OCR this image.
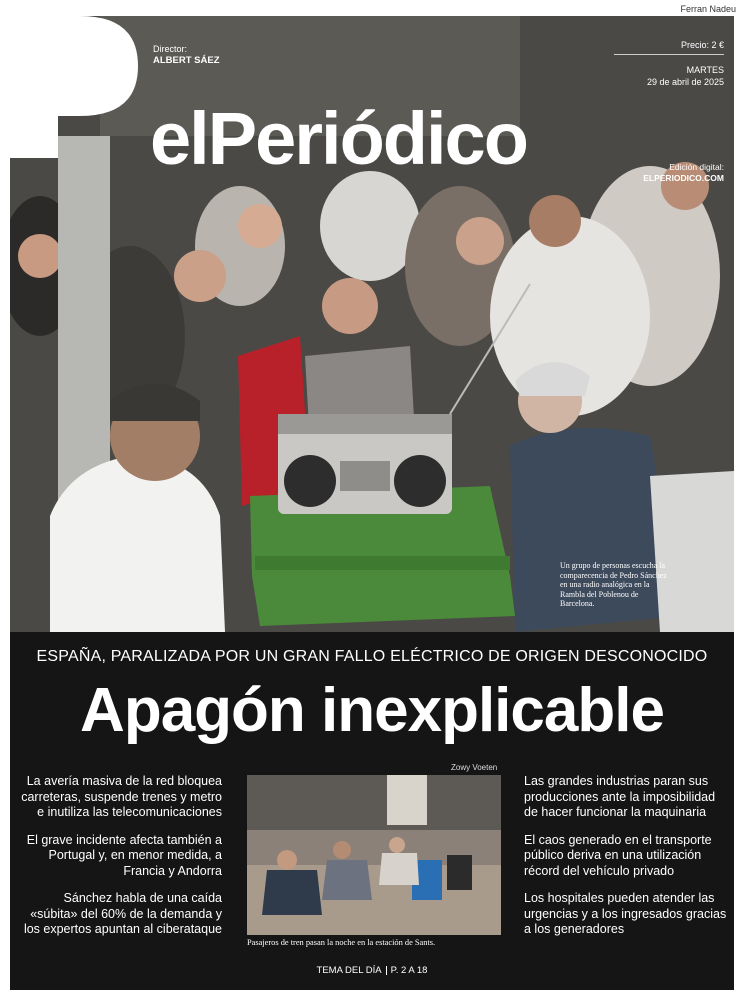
Ferran Nadeu
elPeriódico
Director:
ALBERT SÁEZ
Precio: 2 €
MARTES
29 de abril de 2025
Edición digital:
ELPERIODICO.COM
Un grupo de personas escucha la comparecencia de Pedro Sánchez en una radio analógica en la Rambla del Poblenou de Barcelona.
ESPAÑA, PARALIZADA POR UN GRAN FALLO ELÉCTRICO DE ORIGEN DESCONOCIDO
Apagón inexplicable

La avería masiva de la red bloquea carreteras, suspende trenes y metro e inutiliza las telecomunicaciones

El grave incidente afecta también a Portugal y, en menor medida, a Francia y Andorra

Sánchez habla de una caída «súbita» del 60% de la demanda y los expertos apuntan al ciberataque

Las grandes industrias paran sus producciones ante la imposibilidad de hacer funcionar la maquinaria

El caos generado en el transporte público deriva en una utilización récord del vehículo privado

Los hospitales pueden atender las urgencias y a los ingresados gracias a los generadores

Zowy Voeten
Pasajeros de tren pasan la noche en la estación de Sants.
TEMA DEL DÍA P. 2 A 18
